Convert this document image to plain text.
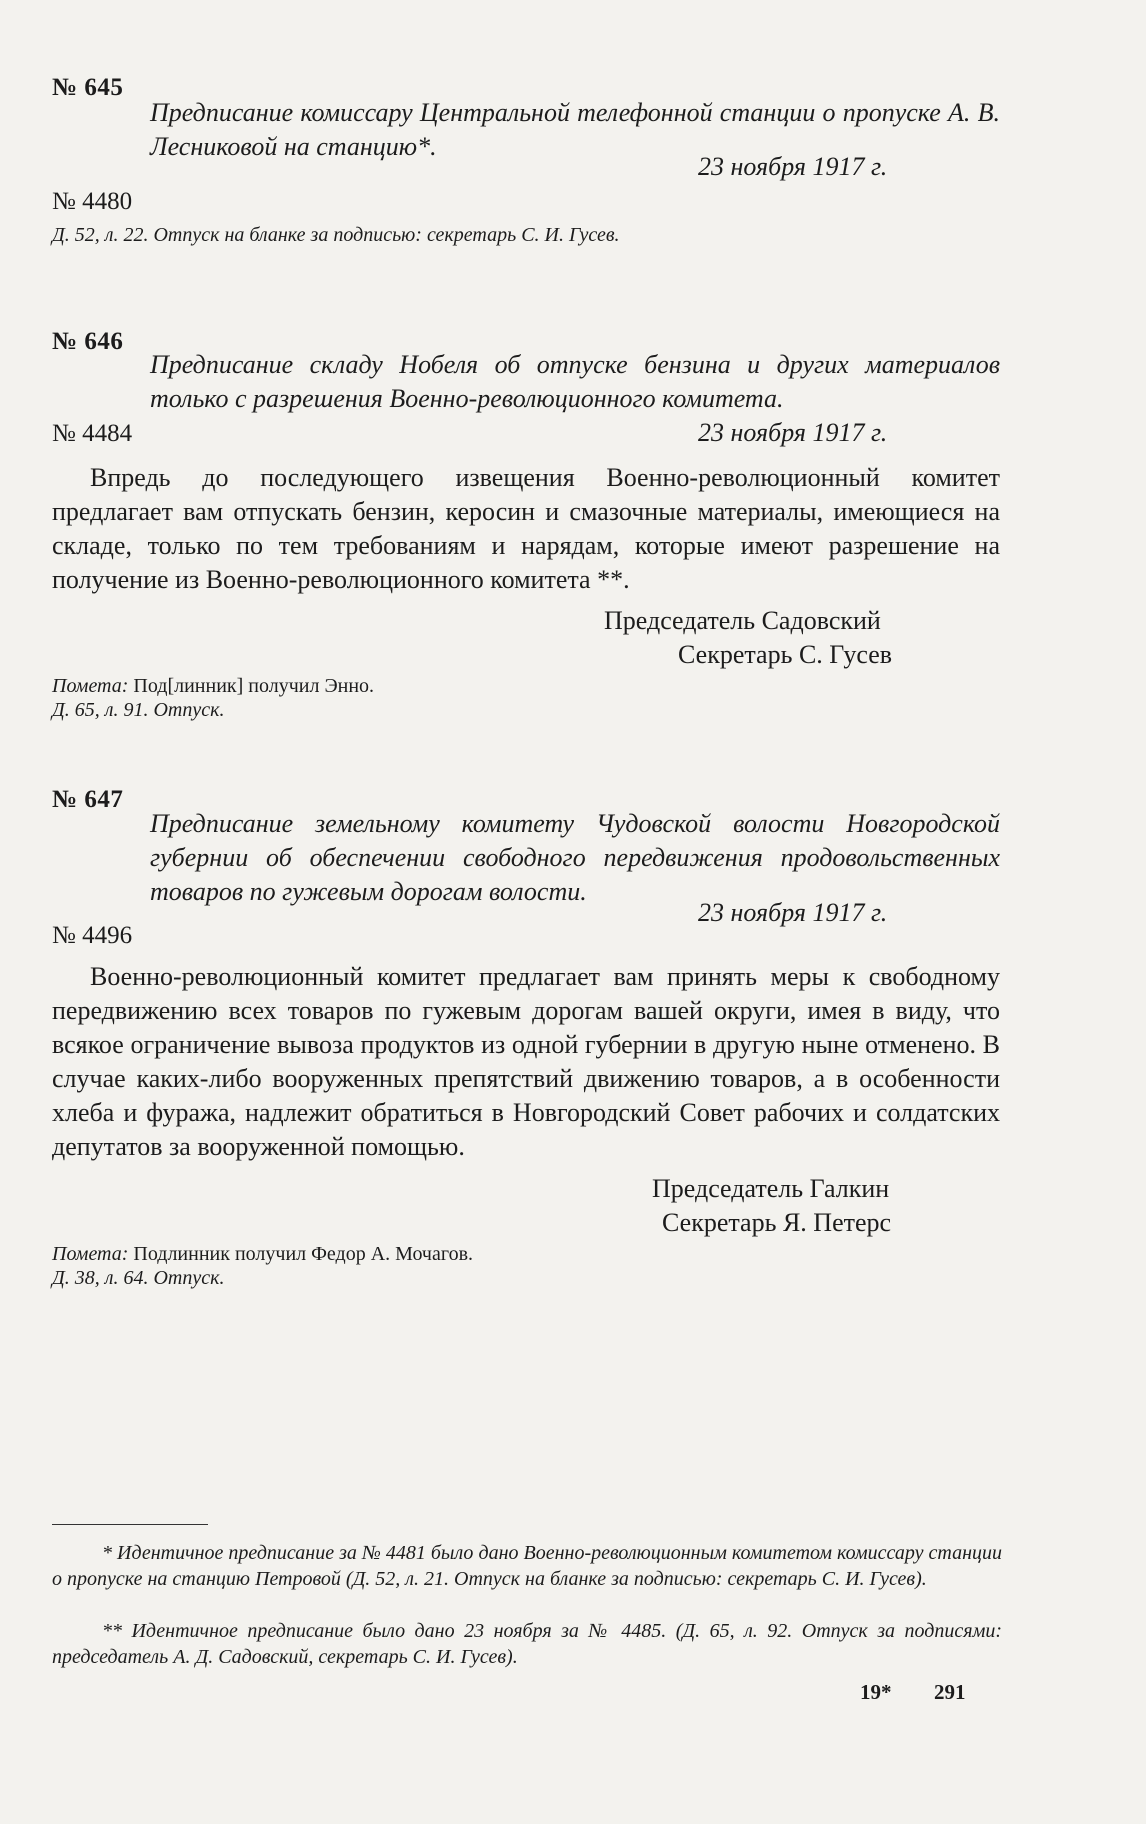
№ 645
Предписание комиссару Центральной телефонной станции о пропуске А. В. Лесниковой на станцию*.
23 ноября 1917 г.
№ 4480
Д. 52, л. 22. Отпуск на бланке за подписью: секретарь С. И. Гусев.
№ 646
Предписание складу Нобеля об отпуске бензина и других материалов только с разрешения Военно-революционного комитета.
№ 4484	23 ноября 1917 г.
Впредь до последующего извещения Военно-революционный комитет предлагает вам отпускать бензин, керосин и смазочные материалы, имеющиеся на складе, только по тем требованиям и нарядам, которые имеют разрешение на получение из Военно-революционного комитета **.
Председатель Садовский
Секретарь С. Гусев
Помета: Под[линник] получил Энно.
Д. 65, л. 91. Отпуск.
№ 647
Предписание земельному комитету Чудовской волости Новгородской губернии об обеспечении свободного передвижения продовольственных товаров по гужевым дорогам волости.
23 ноября 1917 г.
№ 4496
Военно-революционный комитет предлагает вам принять меры к свободному передвижению всех товаров по гужевым дорогам вашей округи, имея в виду, что всякое ограничение вывоза продуктов из одной губернии в другую ныне отменено. В случае каких-либо вооруженных препятствий движению товаров, а в особенности хлеба и фуража, надлежит обратиться в Новгородский Совет рабочих и солдатских депутатов за вооруженной помощью.
Председатель Галкин
Секретарь Я. Петерс
Помета: Подлинник получил Федор А. Мочагов.
Д. 38, л. 64. Отпуск.
* Идентичное предписание за № 4481 было дано Военно-революционным комитетом комиссару станции о пропуске на станцию Петровой (Д. 52, л. 21. Отпуск на бланке за подписью: секретарь С. И. Гусев).
** Идентичное предписание было дано 23 ноября за № 4485. (Д. 65, л. 92. Отпуск за подписями: председатель А. Д. Садовский, секретарь С. И. Гусев).
19* 291
